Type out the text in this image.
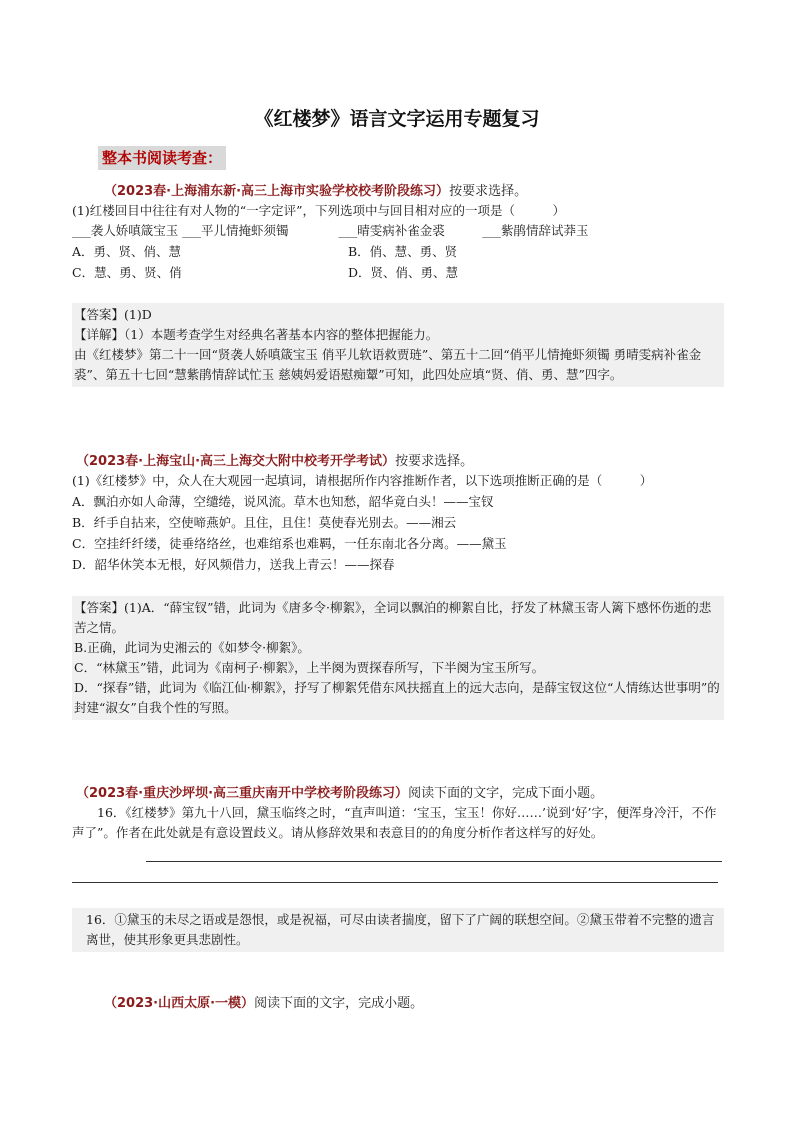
《红楼梦》语言文字运用专题复习
整本书阅读考查：
（2023春·上海浦东新·高三上海市实验学校校考阶段练习）按要求选择。
(1)红楼回目中往往有对人物的“一字定评”，下列选项中与回目相对应的一项是（　　　）
___袭人娇嗔箴宝玉 ___平儿情掩虾须镯　　　　___晴雯病补雀金裘　　　___紫鹃情辞试莽玉
A．勇、贤、俏、慧	B．俏、慧、勇、贤
C．慧、勇、贤、俏	D．贤、俏、勇、慧

【答案】(1)D

【详解】（1）本题考查学生对经典名著基本内容的整体把握能力。

由《红楼梦》第二十一回“贤袭人娇嗔箴宝玉 俏平儿软语救贾琏”、第五十二回“俏平儿情掩虾须镯 勇晴雯病补雀金裘”、第五十七回“慧紫鹃情辞试忙玉 慈姨妈爱语慰痴颦”可知，此四处应填“贤、俏、勇、慧”四字。

（2023春·上海宝山·高三上海交大附中校考开学考试）按要求选择。
(1)《红楼梦》中，众人在大观园一起填词，请根据所作内容推断作者，以下选项推断正确的是（　　　）
A．飘泊亦如人命薄，空缱绻，说风流。草木也知愁，韶华竟白头！——宝钗
B．纤手自拈来，空使啼燕妒。且住，且住！莫使春光别去。——湘云
C．空挂纤纤缕，徒垂络络丝，也难绾系也难羁，一任东南北各分离。——黛玉
D．韶华休笑本无根，好风频借力，送我上青云！——探春

【答案】(1)A．“薛宝钗”错，此词为《唐多令·柳絮》，全词以飘泊的柳絮自比，抒发了林黛玉寄人篱下感怀伤逝的悲苦之情。

B.正确，此词为史湘云的《如梦令·柳絮》。

C．“林黛玉”错，此词为《南柯子·柳絮》，上半阕为贾探春所写，下半阕为宝玉所写。

D．“探春”错，此词为《临江仙·柳絮》，抒写了柳絮凭借东风扶摇直上的远大志向，是薛宝钗这位“人情练达世事明”的封建“淑女”自我个性的写照。

（2023春·重庆沙坪坝·高三重庆南开中学校考阶段练习）阅读下面的文字，完成下面小题。
16．《红楼梦》第九十八回，黛玉临终之时，“直声叫道：‘宝玉，宝玉！你好……’说到‘好’字，便浑身冷汗，不作声了”。作者在此处就是有意设置歧义。请从修辞效果和表意目的的角度分析作者这样写的好处。

16．①黛玉的未尽之语或是怨恨，或是祝福，可尽由读者揣度，留下了广阔的联想空间。②黛玉带着不完整的遗言离世，使其形象更具悲剧性。

（2023·山西太原·一模）阅读下面的文字，完成小题。
